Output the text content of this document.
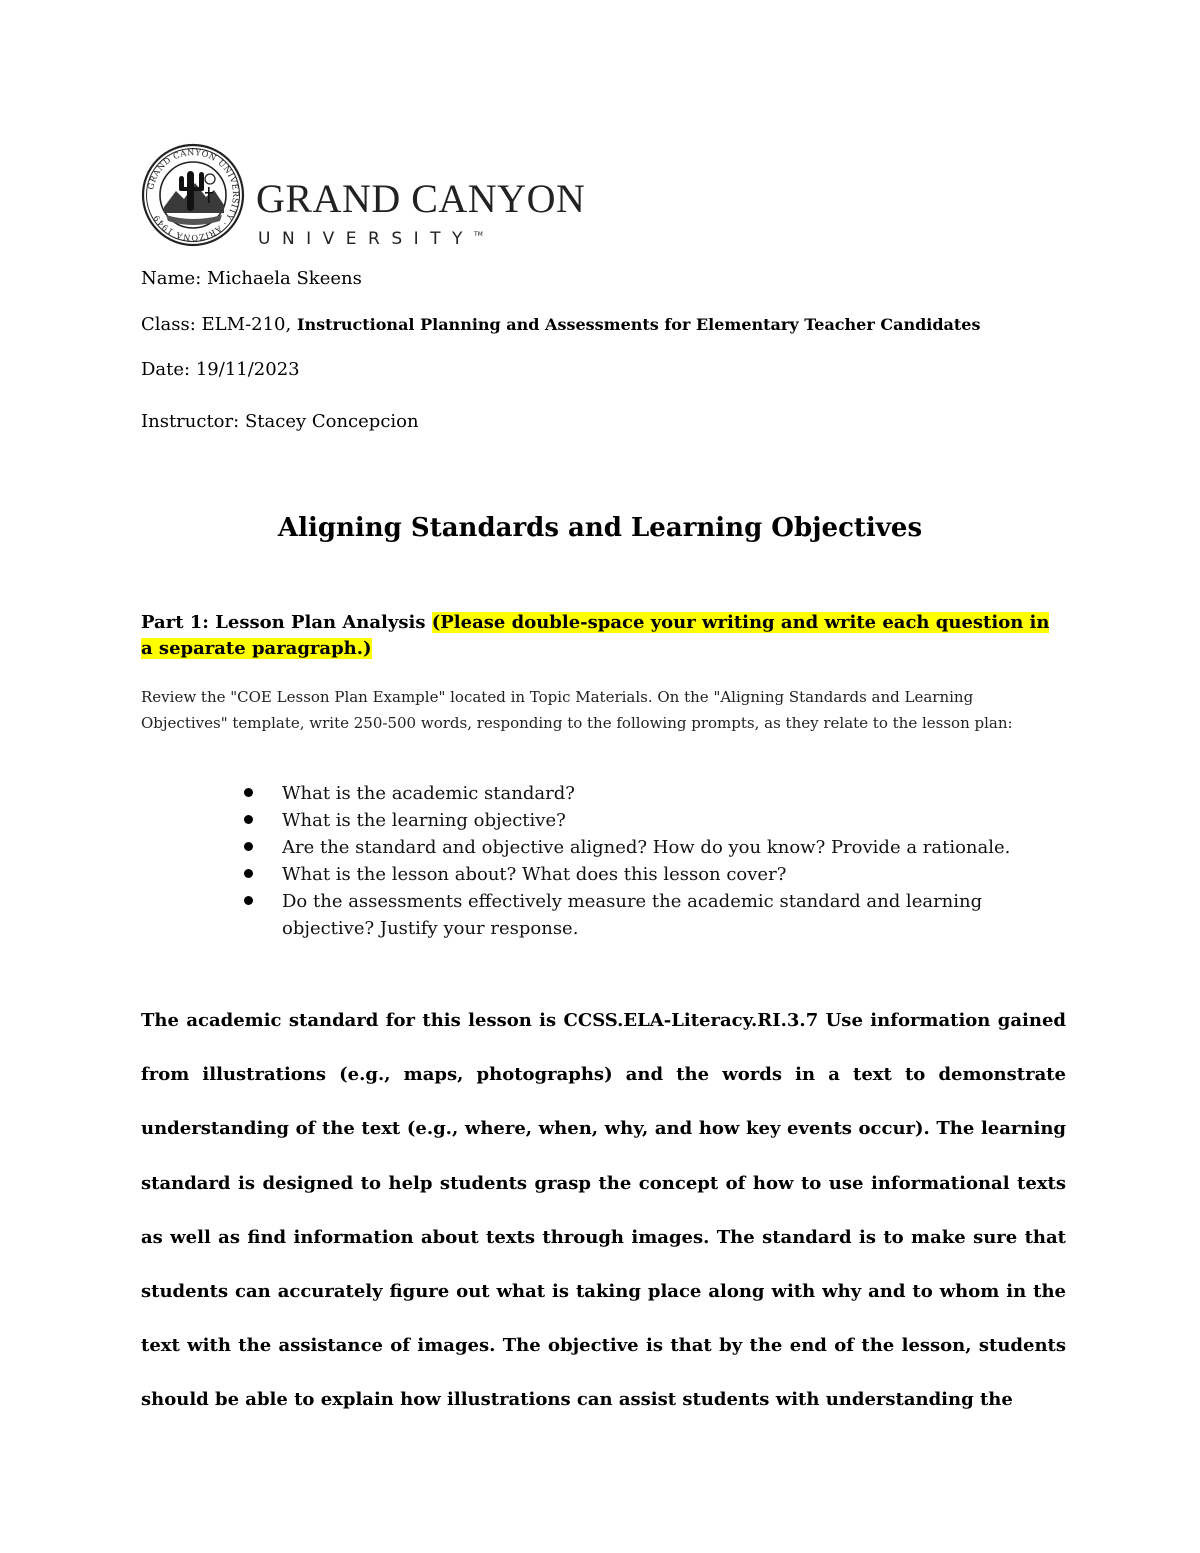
GRAND CANYON UNIVERSITY · ARIZONA 1949	GRAND CANYON
UNIVERSITY™
Name: Michaela Skeens
Class: ELM-210, Instructional Planning and Assessments for Elementary Teacher Candidates
Date: 19/11/2023
Instructor: Stacey Concepcion
Aligning Standards and Learning Objectives
Part 1: Lesson Plan Analysis (Please double-space your writing and write each question in a separate paragraph.)
Review the "COE Lesson Plan Example" located in Topic Materials. On the "Aligning Standards and Learning Objectives" template, write 250-500 words, responding to the following prompts, as they relate to the lesson plan:
What is the academic standard?
What is the learning objective?
Are the standard and objective aligned? How do you know? Provide a rationale.
What is the lesson about? What does this lesson cover?
Do the assessments effectively measure the academic standard and learning objective? Justify your response.
The academic standard for this lesson is CCSS.ELA-Literacy.RI.3.7 Use information gained from illustrations (e.g., maps, photographs) and the words in a text to demonstrate understanding of the text (e.g., where, when, why, and how key events occur). The learning standard is designed to help students grasp the concept of how to use informational texts as well as find information about texts through images. The standard is to make sure that students can accurately figure out what is taking place along with why and to whom in the text with the assistance of images. The objective is that by the end of the lesson, students should be able to explain how illustrations can assist students with understanding the
